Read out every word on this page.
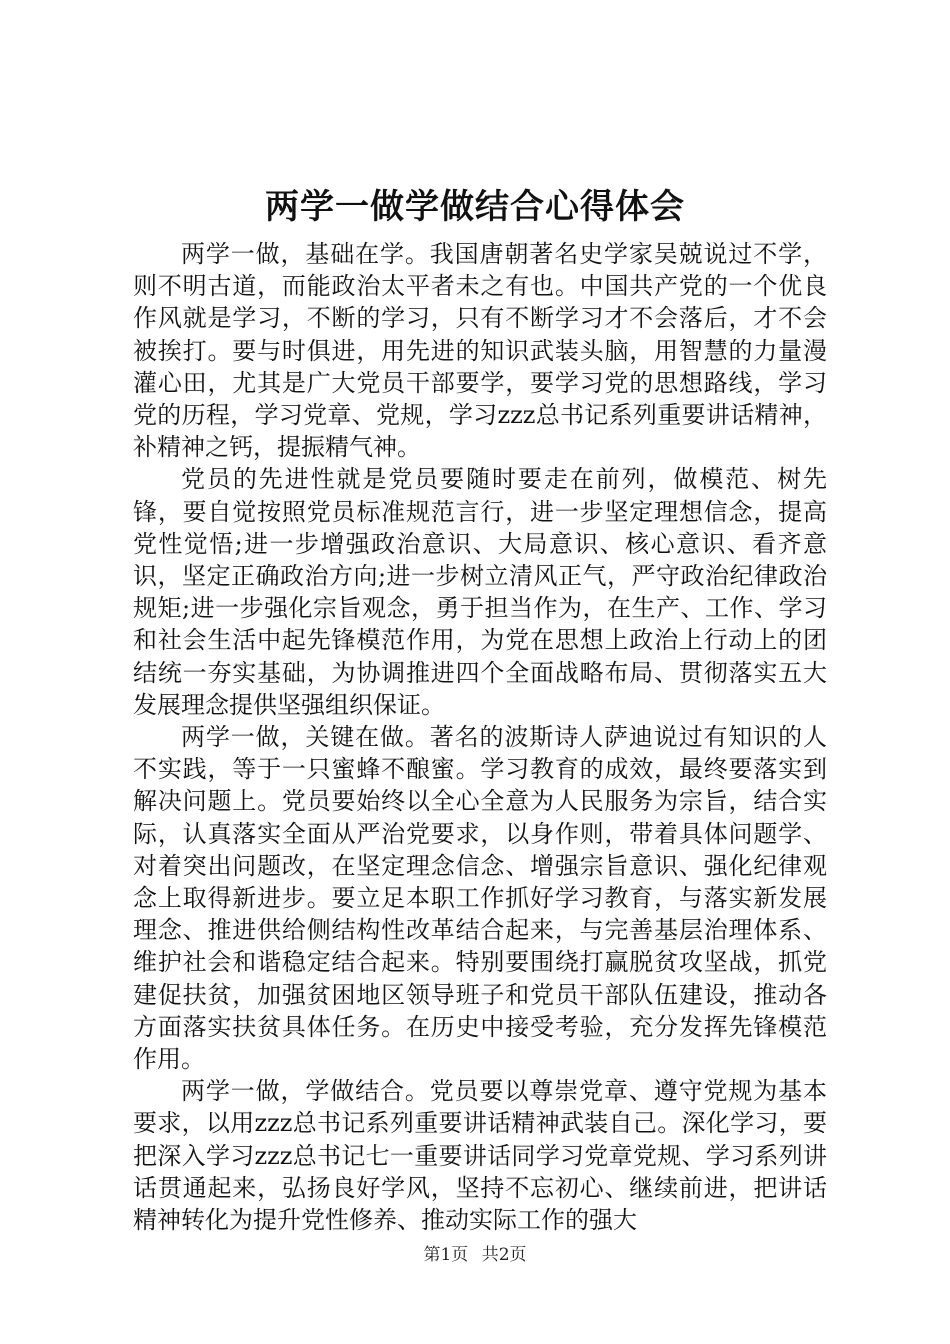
两学一做学做结合心得体会

两学一做，基础在学。我国唐朝著名史学家吴兢说过不学，则不明古道，而能政治太平者未之有也。中国共产党的一个优良作风就是学习，不断的学习，只有不断学习才不会落后，才不会被挨打。要与时俱进，用先进的知识武装头脑，用智慧的力量漫灌心田，尤其是广大党员干部要学，要学习党的思想路线，学习党的历程，学习党章、党规，学习zzz总书记系列重要讲话精神，补精神之钙，提振精气神。

党员的先进性就是党员要随时要走在前列，做模范、树先锋，要自觉按照党员标准规范言行，进一步坚定理想信念，提高党性觉悟;进一步增强政治意识、大局意识、核心意识、看齐意识，坚定正确政治方向;进一步树立清风正气，严守政治纪律政治规矩;进一步强化宗旨观念，勇于担当作为，在生产、工作、学习和社会生活中起先锋模范作用，为党在思想上政治上行动上的团结统一夯实基础，为协调推进四个全面战略布局、贯彻落实五大发展理念提供坚强组织保证。

两学一做，关键在做。著名的波斯诗人萨迪说过有知识的人不实践，等于一只蜜蜂不酿蜜。学习教育的成效，最终要落实到解决问题上。党员要始终以全心全意为人民服务为宗旨，结合实际，认真落实全面从严治党要求，以身作则，带着具体问题学、对着突出问题改，在坚定理念信念、增强宗旨意识、强化纪律观念上取得新进步。要立足本职工作抓好学习教育，与落实新发展理念、推进供给侧结构性改革结合起来，与完善基层治理体系、维护社会和谐稳定结合起来。特别要围绕打赢脱贫攻坚战，抓党建促扶贫，加强贫困地区领导班子和党员干部队伍建设，推动各方面落实扶贫具体任务。在历史中接受考验，充分发挥先锋模范作用。

两学一做，学做结合。党员要以尊崇党章、遵守党规为基本要求，以用zzz总书记系列重要讲话精神武装自己。深化学习，要把深入学习zzz总书记七一重要讲话同学习党章党规、学习系列讲话贯通起来，弘扬良好学风，坚持不忘初心、继续前进，把讲话精神转化为提升党性修养、推动实际工作的强大

第1页 共2页
